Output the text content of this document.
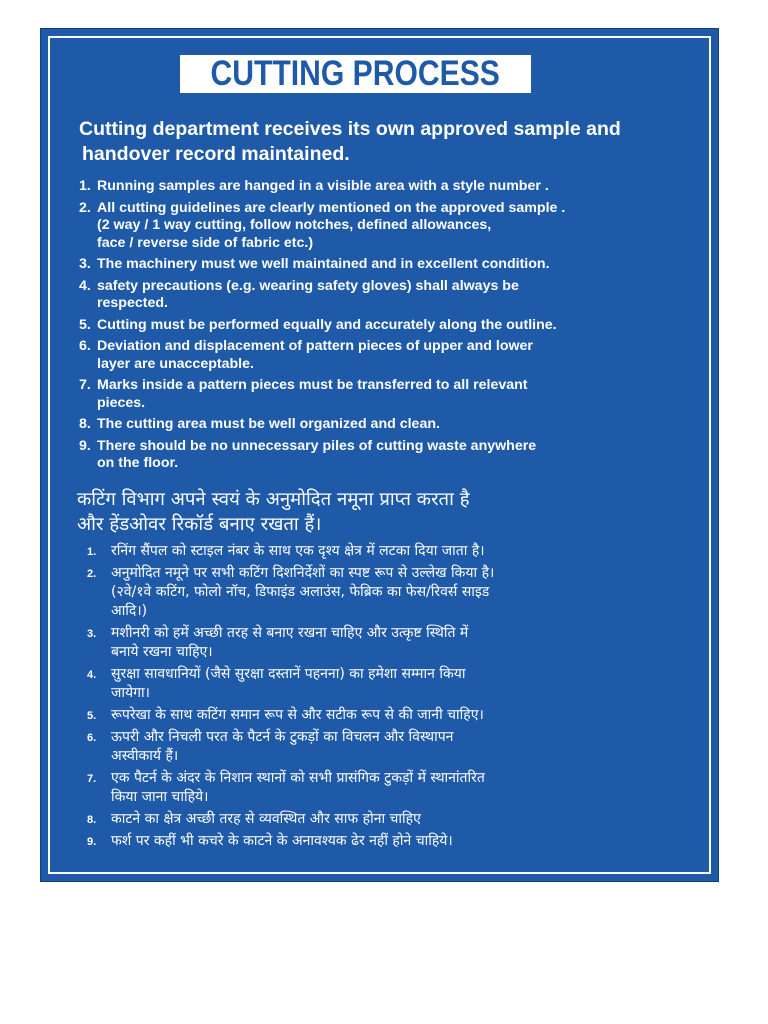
CUTTING PROCESS

Cutting department receives its own approved sample and
handover record maintained.

1. Running samples are hanged in a visible area with a style number .
2. All cutting guidelines are clearly mentioned on the approved sample .
(2 way / 1 way cutting, follow notches, defined allowances,
face / reverse side of fabric etc.)
3. The machinery must we well maintained and in excellent condition.
4. safety precautions (e.g. wearing safety gloves) shall always be
respected.
5. Cutting must be performed equally and accurately along the outline.
6. Deviation and displacement of pattern pieces of upper and lower
layer are unacceptable.
7. Marks inside a pattern pieces must be transferred to all relevant
pieces.
8. The cutting area must be well organized and clean.
9. There should be no unnecessary piles of cutting waste anywhere
on the floor.

कटिंग विभाग अपने स्वयं के अनुमोदित नमूना प्राप्त करता है
और हेंडओवर रिकॉर्ड बनाए रखता हैं।

1. रनिंग सैंपल को स्टाइल नंबर के साथ एक दृश्य क्षेत्र में लटका दिया जाता है।
2. अनुमोदित नमूने पर सभी कटिंग दिशनिर्देशों का स्पष्ट रूप से उल्लेख किया है।
(२वे/१वे कटिंग, फोलो नॉच, डिफाइंड अलाउंस, फेब्रिक का फेस/रिवर्स साइड
आदि।)
3. मशीनरी को हमें अच्छी तरह से बनाए रखना चाहिए और उत्कृष्ट स्थिति में
बनाये रखना चाहिए।
4. सुरक्षा सावधानियों (जैसे सुरक्षा दस्तानें पहनना) का हमेशा सम्मान किया
जायेगा।
5. रूपरेखा के साथ कटिंग समान रूप से और सटीक रूप से की जानी चाहिए।
6. ऊपरी और निचली परत के पैटर्न के टुकड़ों का विचलन और विस्थापन
अस्वीकार्य हैं।
7. एक पैटर्न के अंदर के निशान स्थानों को सभी प्रासंगिक टुकड़ों में स्थानांतरित
किया जाना चाहिये।
8. काटने का क्षेत्र अच्छी तरह से व्यवस्थित और साफ होना चाहिए
9. फर्श पर कहीं भी कचरे के काटने के अनावश्यक ढेर नहीं होने चाहिये।
